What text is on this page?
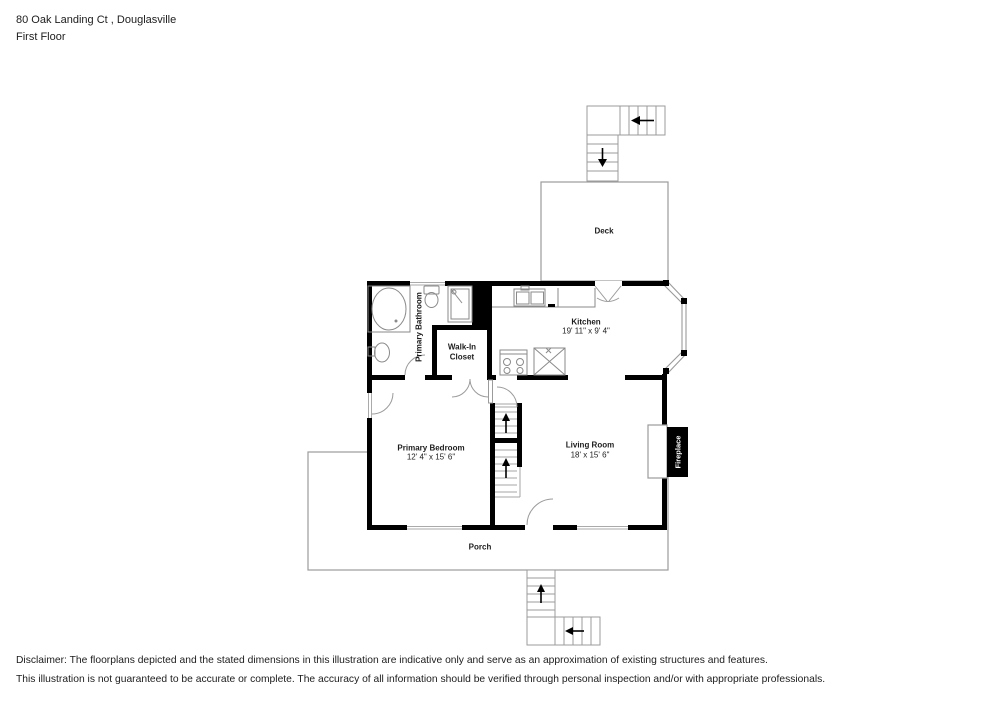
80 Oak Landing Ct , Douglasville
First Floor
Deck
Kitchen
19' 11" x 9' 4"
Walk-In Closet
Primary Bathroom
Primary Bedroom
12' 4" x 15' 6"
Living Room
18' x 15' 6"	Fireplace
Porch
Disclaimer: The floorplans depicted and the stated dimensions in this illustration are indicative only and serve as an approximation of existing structures and features.
This illustration is not guaranteed to be accurate or complete. The accuracy of all information should be verified through personal inspection and/or with appropriate professionals.
